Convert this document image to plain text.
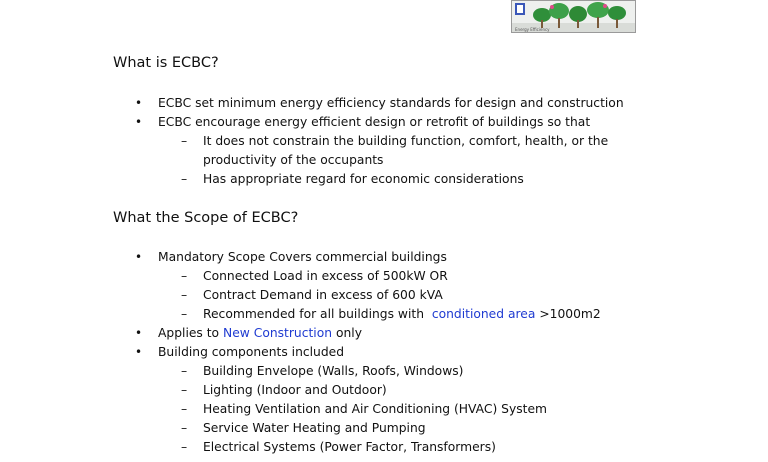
Energy Efficiency
What is ECBC?
• ECBC set minimum energy efficiency standards for design and construction
• ECBC encourage energy efficient design or retrofit of buildings so that
– It does not constrain the building function, comfort, health, or the
productivity of the occupants
– Has appropriate regard for economic considerations
What the Scope of ECBC?
• Mandatory Scope Covers commercial buildings
– Connected Load in excess of 500kW OR
– Contract Demand in excess of 600 kVA
– Recommended for all buildings with conditioned area >1000m2
• Applies to New Construction only
• Building components included
– Building Envelope (Walls, Roofs, Windows)
– Lighting (Indoor and Outdoor)
– Heating Ventilation and Air Conditioning (HVAC) System
– Service Water Heating and Pumping
– Electrical Systems (Power Factor, Transformers)
